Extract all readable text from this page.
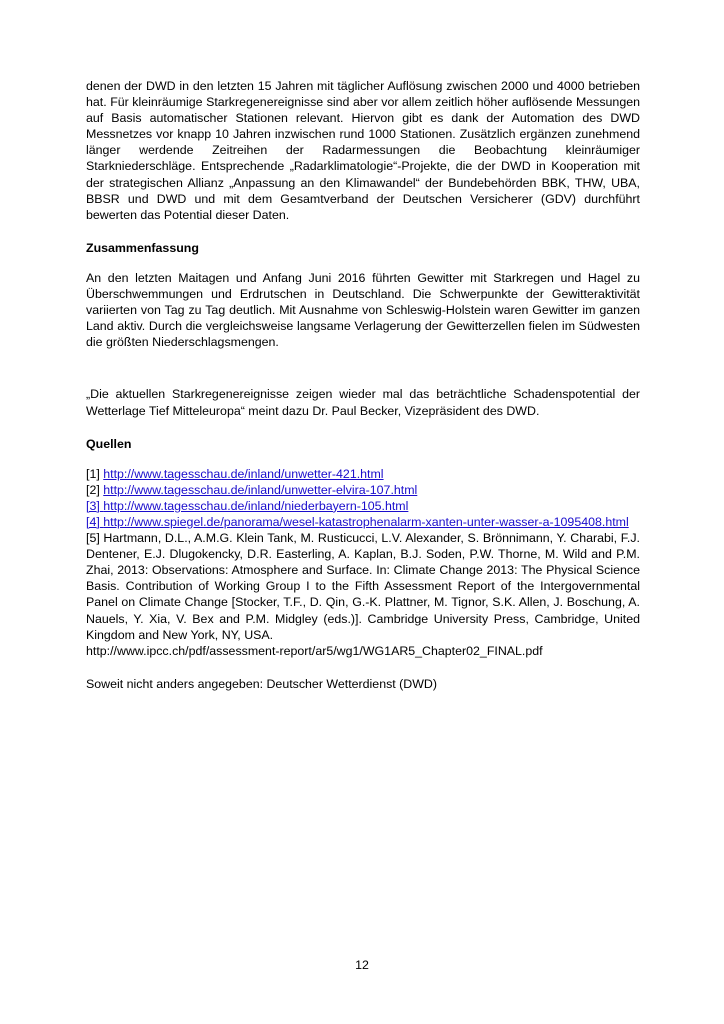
denen der DWD in den letzten 15 Jahren mit täglicher Auflösung zwischen 2000 und 4000 betrieben hat. Für kleinräumige Starkregenereignisse sind aber vor allem zeitlich höher auflösende Messungen auf Basis automatischer Stationen relevant. Hiervon gibt es dank der Automation des DWD Messnetzes vor knapp 10 Jahren inzwischen rund 1000 Stationen. Zusätzlich ergänzen zunehmend länger werdende Zeitreihen der Radarmessungen die Beobachtung kleinräumiger Starkniederschläge. Entsprechende „Radarklimatologie“-Projekte, die der DWD in Kooperation mit der strategischen Allianz „Anpassung an den Klimawandel“ der Bundebehörden BBK, THW, UBA, BBSR und DWD und mit dem Gesamtverband der Deutschen Versicherer (GDV) durchführt bewerten das Potential dieser Daten.

Zusammenfassung

An den letzten Maitagen und Anfang Juni 2016 führten Gewitter mit Starkregen und Hagel zu Überschwemmungen und Erdrutschen in Deutschland. Die Schwerpunkte der Gewitteraktivität variierten von Tag zu Tag deutlich. Mit Ausnahme von Schleswig-Holstein waren Gewitter im ganzen Land aktiv. Durch die vergleichsweise langsame Verlagerung der Gewitterzellen fielen im Südwesten die größten Niederschlagsmengen.

„Die aktuellen Starkregenereignisse zeigen wieder mal das beträchtliche Schadenspotential der Wetterlage Tief Mitteleuropa“ meint dazu Dr. Paul Becker, Vizepräsident des DWD.

Quellen

[1] http://www.tagesschau.de/inland/unwetter-421.html

[2] http://www.tagesschau.de/inland/unwetter-elvira-107.html

[3] http://www.tagesschau.de/inland/niederbayern-105.html

[4] http://www.spiegel.de/panorama/wesel-katastrophenalarm-xanten-unter-wasser-a-1095408.html

[5] Hartmann, D.L., A.M.G. Klein Tank, M. Rusticucci, L.V. Alexander, S. Brönnimann, Y. Charabi, F.J. Dentener, E.J. Dlugokencky, D.R. Easterling, A. Kaplan, B.J. Soden, P.W. Thorne, M. Wild and P.M. Zhai, 2013: Observations: Atmosphere and Surface. In: Climate Change 2013: The Physical Science Basis. Contribution of Working Group I to the Fifth Assessment Report of the Intergovernmental Panel on Climate Change [Stocker, T.F., D. Qin, G.-K. Plattner, M. Tignor, S.K. Allen, J. Boschung, A. Nauels, Y. Xia, V. Bex and P.M. Midgley (eds.)]. Cambridge University Press, Cambridge, United Kingdom and New York, NY, USA.

http://www.ipcc.ch/pdf/assessment-report/ar5/wg1/WG1AR5_Chapter02_FINAL.pdf

Soweit nicht anders angegeben: Deutscher Wetterdienst (DWD)

12
